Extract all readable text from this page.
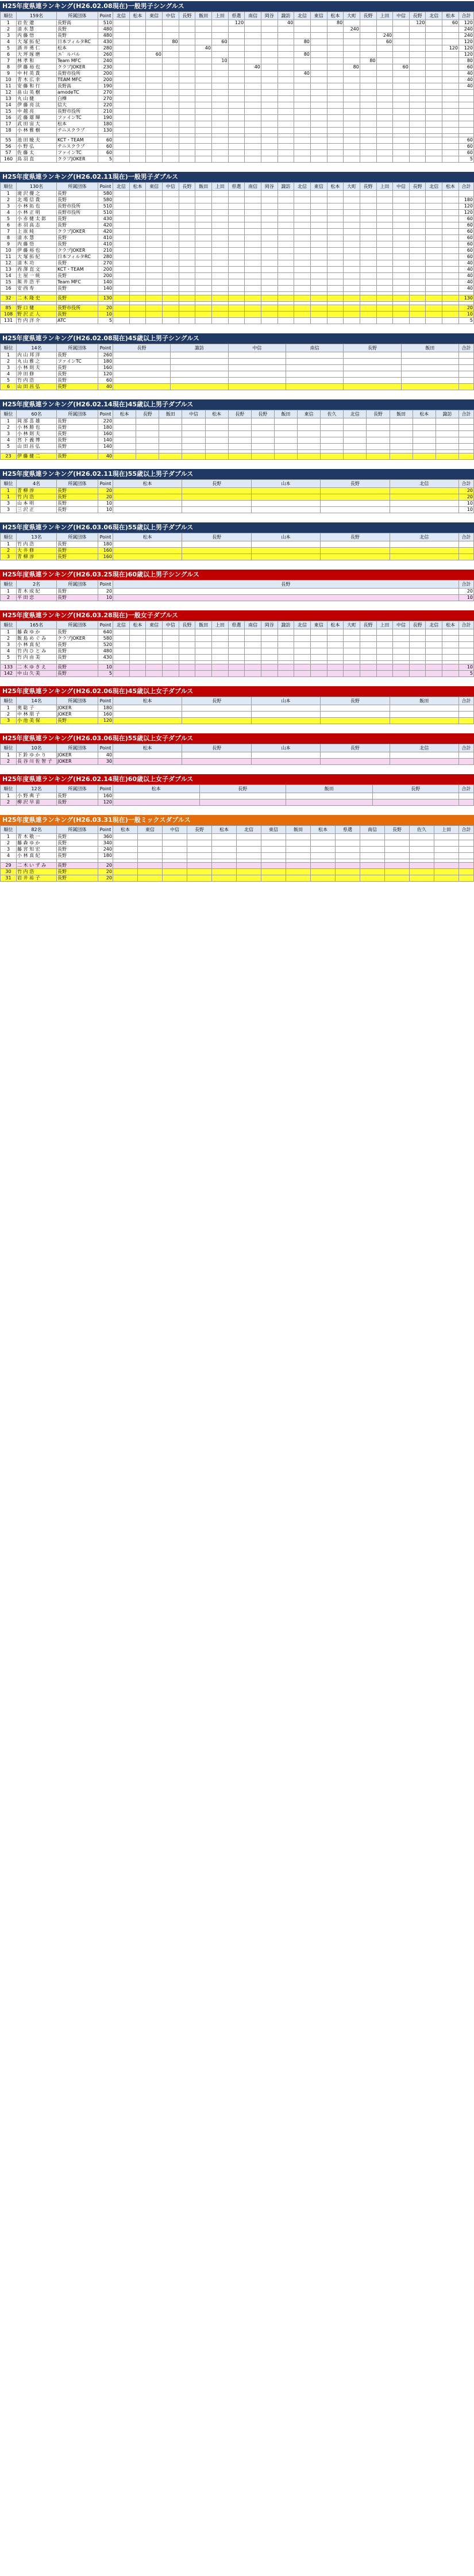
H25年度県連ランキング(H26.02.08現在)一般男子シングルス
順位	159名	所属団体	Point	北信	松本	東信	中信	長野	飯田	上田	県選	南信	岡谷	諏訪	北信	東信	松本	大町	長野	上田	中信	長野	北信	松本	合計
1	岩 佐 遼	長野高	510								120			40			80					120		60	120
2	清 水 慧	長野	480															240							240
3	内 藤 悟	長野	480																	240					240
4	大 塚 拓 紀	日本フィルタRC	430				80			60					80					60					120
5	酒 井 勇 仁	松本	280						40															120	120
6	大 坪 琢 磨	エ゛ルパル	260			60									80										120
7	林 孝 和	Team MFC	240							10									80						80
8	伊 藤 裕 也	クラブJOKER	230									40						80			60				60
9	中 村 英 貴	長野市役所	200												40										40
10	青 木 広 幸	TEAM MFC	200																						40
11	安 藤 和 行	長野高	190																						40
12	畠 山 英 樹	amodeTC	270																						
13	丸 山 健	白樺	270																						
14	伊 藤 亮 汰	信大	220																						
15	中 越 亮	長野市役所	210																						
16	近 藤 雄 輝	ファインTC	190																						
17	武 田 宙 大	松本	180																						
18	小 林 雅 樹	テニスクラブ	130																						

55	池 田 暁 夫	KCT・TEAM	60																						60
56	小 野 弘	テニスクラブ	60																						60
57	佐 藤 太	ファインTC	60																						60
160	鳥 羽 直	クラブJOKER	5																						5
H25年度県連ランキング(H26.02.11現在)一般男子ダブルス
順位	130名	所属団体	Point	北信	松本	東信	中信	長野	飯田	上田	県選	南信	岡谷	諏訪	北信	東信	松本	大町	長野	上田	中信	長野	北信	松本	合計
1	滝 沢 優 之	長野	580																						
2	北 場 信 貴	長野	580																						180
3	小 林 拓 也	長野市役所	510																						120
4	小 林 正 明	長野市役所	510																						120
5	小 赤 健 太 郎	長野	430																						60
6	赤 羽 高 志	長野	420																						60
7	上 原 純	クラブJOKER	420																						60
8	清 水 慧	長野	410																						60
9	内 藤 悟	長野	410																						60
10	伊 藤 裕 也	クラブJOKER	210																						60
11	大 塚 拓 紀	日本フィルタRC	280																						60
12	清 木 功	長野	270																						40
13	西 澤 直 文	KCT・TEAM	200																						40
14	土 屋 一 統	長野	200																						40
15	熊 井 浩 平	Team MFC	140																						40
16	安 西 寿	長野	140																						40

32	二 木 隆 史	長野	130																						130

85	野 口 健	長野市役所	20																						20
108	野 沢 正 人	長野	10																						10
131	竹 内 洋 介	ATC	5																						5
H25年度県連ランキング(H26.02.08現在)45歳以上男子シングルス
順位	14名	所属団体	Point	長野	諏訪	中信	南信	長野	飯田	合計
1	内 山 邦 洋	長野	260							
2	丸 山 雅 之	ファインTC	180							
3	小 林 則 夫	長野	160							
4	沖 田 修	長野	120							
5	竹 内 浩	長野	60							
6	山 田 昌 弘	長野	40							
H25年度県連ランキング(H26.02.14現在)45歳以上男子ダブルス
順位	60名	所属団体	Point	松本	長野	飯田	中信	松本	長野	長野	飯田	東信	佐久	北信	長野	飯田	松本	諏訪	合計
1	岡 部 喜 雄	長野	220																
2	小 林 勝 也	長野	180																
3	小 林 則 夫	長野	160																
4	宮 下 義 博	長野	140																
5	山 田 昌 弘	長野	140																

23	伊 藤 健 二	長野	40																
H25年度県連ランキング(H26.02.11現在)55歳以上男子ダブルス
順位	4名	所属団体	Point	松本	長野	山本	長野	北信	合計
1	青 柳 淳	長野	20						20
1	竹 内 浩	長野	20						20
3	山 本 明	長野	10						10
3	三 沢 正	長野	10						10
H25年度県連ランキング(H26.03.06現在)55歳以上男子ダブルス
順位	13名	所属団体	Point	松本	長野	山本	長野	北信	合計
1	竹 内 浩	長野	180						
2	大 井 修	長野	160						
3	青 柳 淳	長野	160						
H25年度県連ランキング(H26.03.25現在)60歳以上男子シングルス
順位	2名	所属団体	Point	長野	合計
1	青 木 成 紀	長野	20		20
2	平 田 忠	長野	10		10
H25年度県連ランキング(H26.03.28現在)一般女子ダブルス
順位	165名	所属団体	Point	北信	松本	東信	中信	長野	飯田	上田	県選	南信	岡谷	諏訪	北信	東信	松本	大町	長野	上田	中信	長野	北信	松本	合計
1	藤 森 ゆ か	長野	640																						
2	飯 島 め ぐ み	クラブJOKER	580																						
3	小 林 真 紀	長野	520																						
4	竹 内 ひ と み	長野	480																						
5	竹 内 由 美	長野	430																						

133	二 木 ゆ き え	長野	10																						10
142	中 山 久 美	長野	5																						5
H25年度県連ランキング(H26.02.06現在)45歳以上女子ダブルス
順位	14名	所属団体	Point	松本	長野	山本	長野	飯田	合計
1	奥 聡 子	JOKER	180						
2	中 林 朋 子	JOKER	160						
3	小 池 美 保	長野	120						
H25年度県連ランキング(H26.03.06現在)55歳以上女子ダブルス
順位	10名	所属団体	Point	松本	長野	山本	長野	北信	合計
1	下 鈴 ゆ か り	JOKER	40						
2	長 谷 川 佐 智 子	JOKER	30						
H25年度県連ランキング(H26.02.14現在)60歳以上女子ダブルス
順位	12名	所属団体	Point	松本	長野	飯田	長野	合計
1	小 野 典 子	長野	160					
2	柳 沢 早 苗	長野	120					
H25年度県連ランキング(H26.03.31現在)一般ミックスダブルス
順位	82名	所属団体	Point	松本	東信	中信	長野	松本	北信	東信	飯田	松本	県選	南信	長野	佐久	上田	合計
1	青 木 敬 一	長野	360															
2	藤 森 ゆ か	長野	340															
3	藤 宮 知 宏	長野	240															
4	小 林 真 紀	長野	180															

29	二 木 い ず み	長野	20															
30	竹 内 浩	長野	20															
31	岩 井 祐 子	長野	20															
